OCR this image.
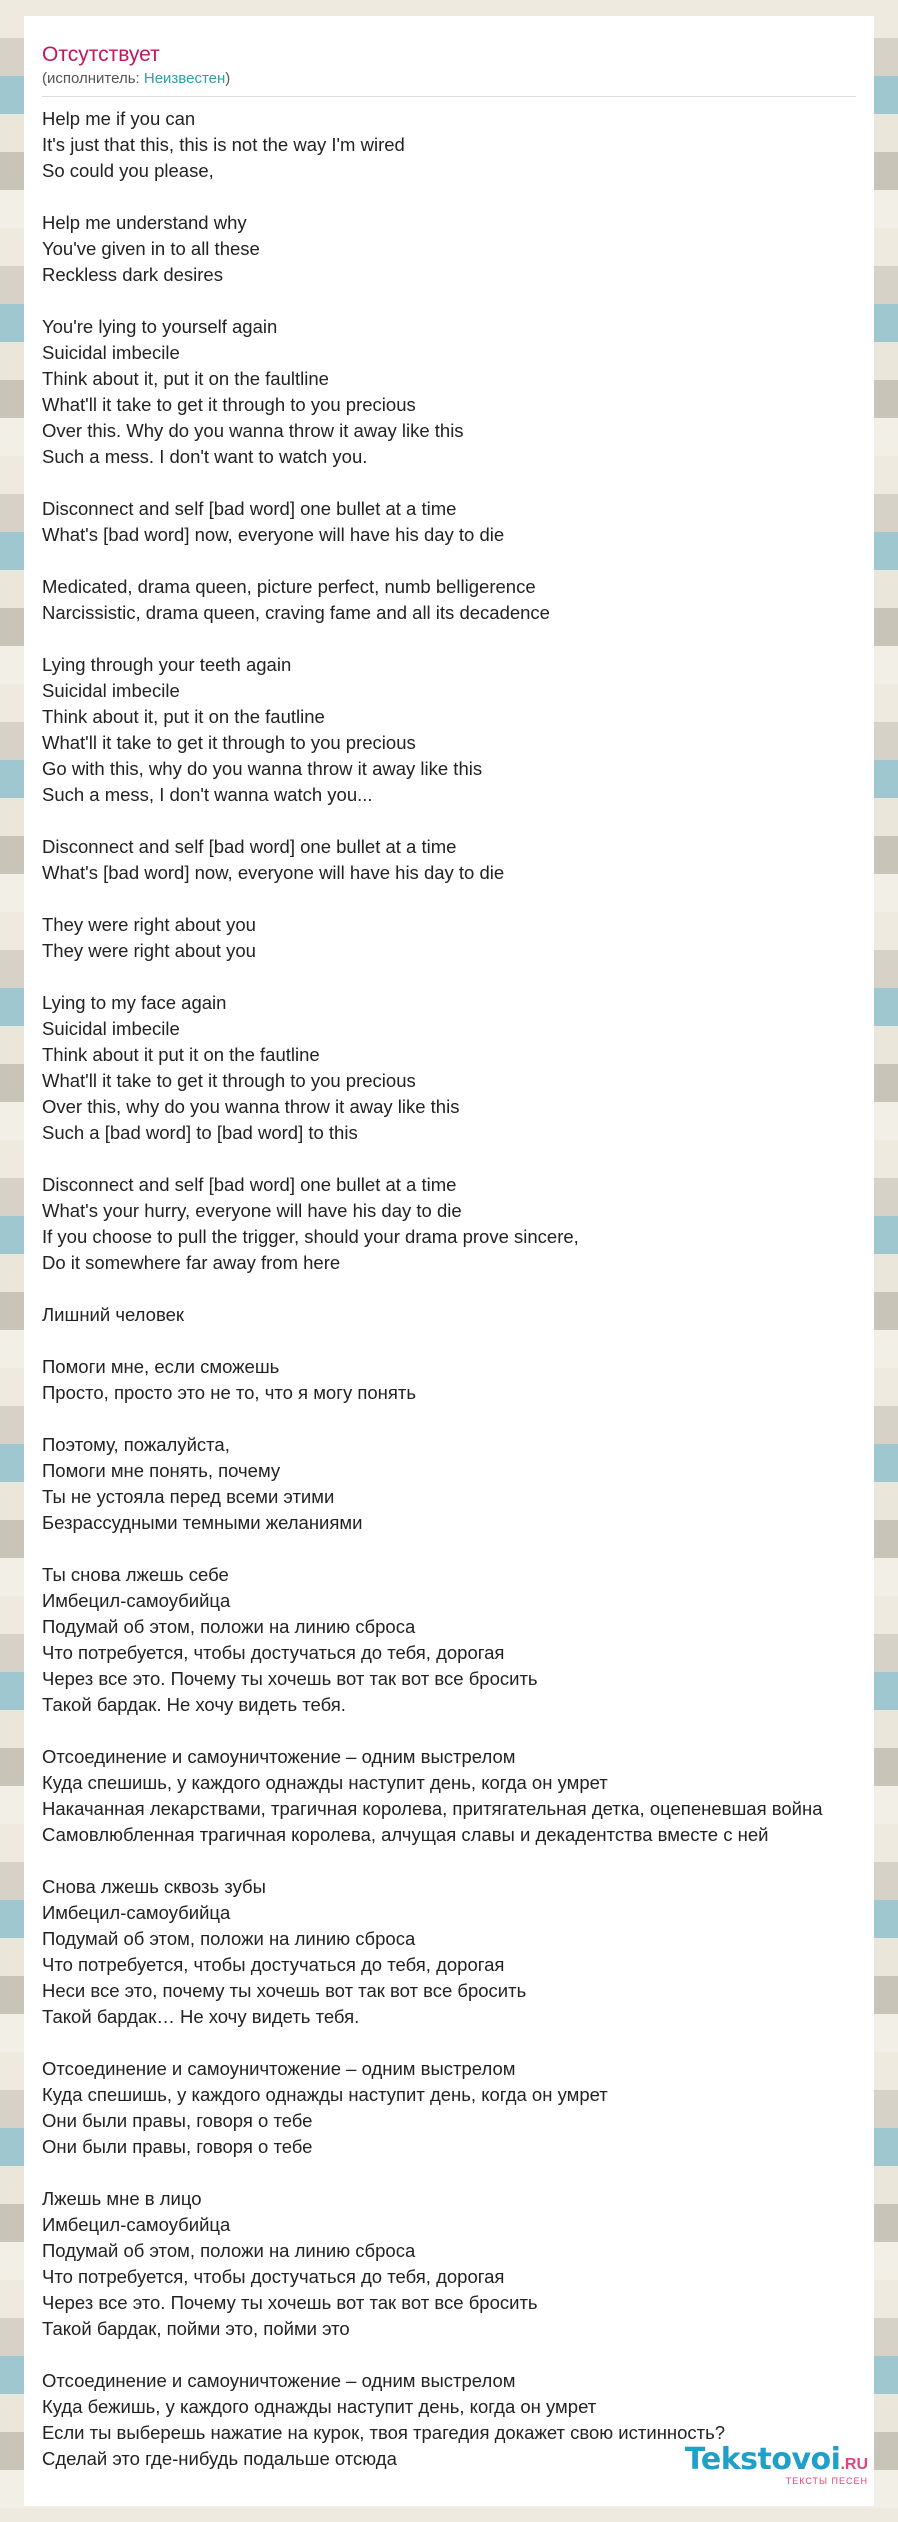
Отсутствует
(исполнитель: Неизвестен)
Help me if you can
It's just that this, this is not the way I'm wired
So could you please,
Help me understand why
You've given in to all these
Reckless dark desires
You're lying to yourself again
Suicidal imbecile
Think about it, put it on the faultline
What'll it take to get it through to you precious
Over this. Why do you wanna throw it away like this
Such a mess. I don't want to watch you.
Disconnect and self [bad word] one bullet at a time
What's [bad word] now, everyone will have his day to die
Medicated, drama queen, picture perfect, numb belligerence
Narcissistic, drama queen, craving fame and all its decadence
Lying through your teeth again
Suicidal imbecile
Think about it, put it on the fautline
What'll it take to get it through to you precious
Go with this, why do you wanna throw it away like this
Such a mess, I don't wanna watch you...
Disconnect and self [bad word] one bullet at a time
What's [bad word] now, everyone will have his day to die
They were right about you
They were right about you
Lying to my face again
Suicidal imbecile
Think about it put it on the fautline
What'll it take to get it through to you precious
Over this, why do you wanna throw it away like this
Such a [bad word] to [bad word] to this
Disconnect and self [bad word] one bullet at a time
What's your hurry, everyone will have his day to die
If you choose to pull the trigger, should your drama prove sincere,
Do it somewhere far away from here
Лишний человек
Помоги мне, если сможешь
Просто, просто это не то, что я могу понять
Поэтому, пожалуйста,
Помоги мне понять, почему
Ты не устояла перед всеми этими
Безрассудными темными желаниями
Ты снова лжешь себе
Имбецил-самоубийца
Подумай об этом, положи на линию сброса
Что потребуется, чтобы достучаться до тебя, дорогая
Через все это. Почему ты хочешь вот так вот все бросить
Такой бардак. Не хочу видеть тебя.
Отсоединение и самоуничтожение – одним выстрелом
Куда спешишь, у каждого однажды наступит день, когда он умрет
Накачанная лекарствами, трагичная королева, притягательная детка, оцепеневшая война
Самовлюбленная трагичная королева, алчущая славы и декадентства вместе с ней
Снова лжешь сквозь зубы
Имбецил-самоубийца
Подумай об этом, положи на линию сброса
Что потребуется, чтобы достучаться до тебя, дорогая
Неси все это, почему ты хочешь вот так вот все бросить
Такой бардак… Не хочу видеть тебя.
Отсоединение и самоуничтожение – одним выстрелом
Куда спешишь, у каждого однажды наступит день, когда он умрет
Они были правы, говоря о тебе
Они были правы, говоря о тебе
Лжешь мне в лицо
Имбецил-самоубийца
Подумай об этом, положи на линию сброса
Что потребуется, чтобы достучаться до тебя, дорогая
Через все это. Почему ты хочешь вот так вот все бросить
Такой бардак, пойми это, пойми это
Отсоединение и самоуничтожение – одним выстрелом
Куда бежишь, у каждого однажды наступит день, когда он умрет
Если ты выберешь нажатие на курок, твоя трагедия докажет свою истинность?
Сделай это где-нибудь подальше отсюда	Tekstovoi.RU
ТЕКСТЫ ПЕСЕН
